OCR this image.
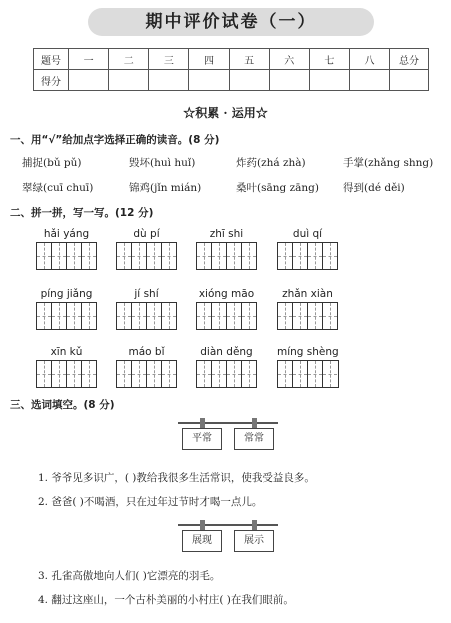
期中评价试卷（一）
题号	一	二	三	四	五	六	七	八	总分
得分									
☆积累 · 运用☆
一、用“√”给加点字选择正确的读音。(8 分)
捕捉(bǔ pǔ)	毁坏(huì huǐ)	炸药(zhá zhà)	手掌(zhǎng shng)
翠绿(cuī chuī)	锦鸡(jǐn mián)	桑叶(sāng zāng)	得到(dé děi)
二、拼一拼，写一写。(12 分)
hǎi yáng	dù pí	zhī shi	duì qí
píng jiǎng	jí shí	xióng māo	zhǎn xiàn
xīn kǔ	máo bǐ	diàn děng	míng shèng
三、选词填空。(8 分)
平常	常常
1. 爷爷见多识广，( )教给我很多生活常识，使我受益良多。
2. 爸爸( )不喝酒，只在过年过节时才喝一点儿。
展现	展示
3. 孔雀高傲地向人们( )它漂亮的羽毛。
4. 翻过这座山，一个古朴美丽的小村庄( )在我们眼前。
